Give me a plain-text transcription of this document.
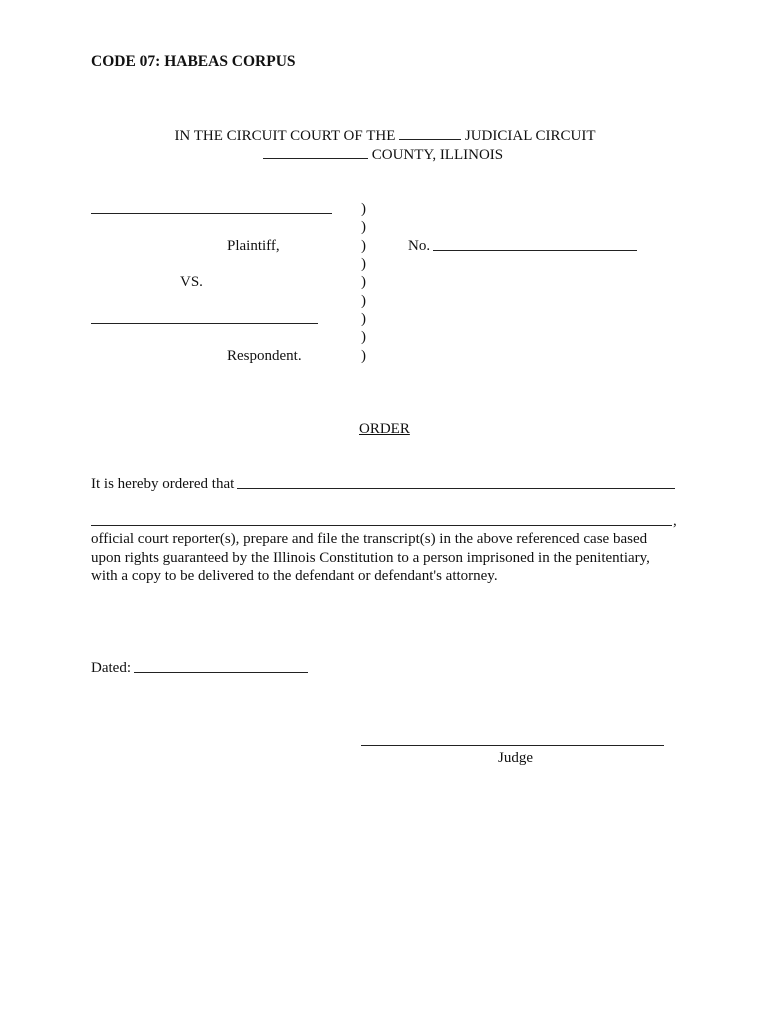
CODE 07: HABEAS CORPUS
IN THE CIRCUIT COURT OF THE	JUDICIAL CIRCUIT
COUNTY, ILLINOIS
Plaintiff,
VS.
Respondent.
)
)
)
)
)
)
)
)
)
No.
ORDER
It is hereby ordered that
,
official court reporter(s), prepare and file the transcript(s) in the above referenced case based
upon rights guaranteed by the Illinois Constitution to a person imprisoned in the penitentiary,
with a copy to be delivered to the defendant or defendant's attorney.
Dated:
Judge
